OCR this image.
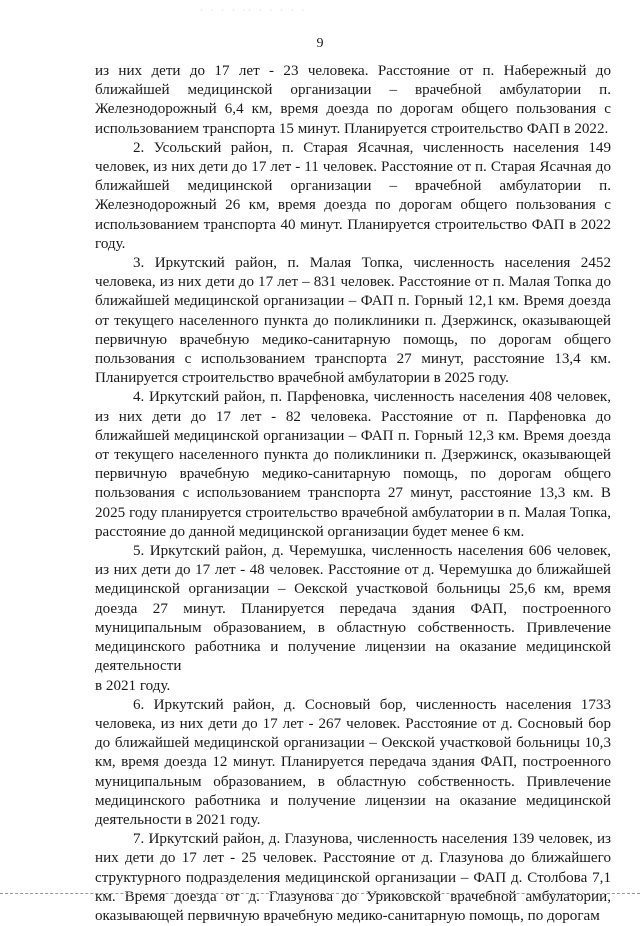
· · · · ·· · · · · ·
9

из них дети до 17 лет - 23 человека. Расстояние от п. Набережный до ближайшей медицинской организации – врачебной амбулатории п. Железнодорожный 6,4 км, время доезда по дорогам общего пользования с использованием транспорта 15 минут. Планируется строительство ФАП в 2022.

2. Усольский район, п. Старая Ясачная, численность населения 149 человек, из них дети до 17 лет - 11 человек. Расстояние от п. Старая Ясачная до ближайшей медицинской организации – врачебной амбулатории п. Железнодорожный 26 км, время доезда по дорогам общего пользования с использованием транспорта 40 минут. Планируется строительство ФАП в 2022 году.

3. Иркутский район, п. Малая Топка, численность населения 2452 человека, из них дети до 17 лет – 831 человек. Расстояние от п. Малая Топка до ближайшей медицинской организации – ФАП п. Горный 12,1 км. Время доезда от текущего населенного пункта до поликлиники п. Дзержинск, оказывающей первичную врачебную медико-санитарную помощь, по дорогам общего пользования с использованием транспорта 27 минут, расстояние 13,4 км. Планируется строительство врачебной амбулатории в 2025 году.

4. Иркутский район, п. Парфеновка, численность населения 408 человек, из них дети до 17 лет - 82 человека. Расстояние от п. Парфеновка до ближайшей медицинской организации – ФАП п. Горный 12,3 км. Время доезда от текущего населенного пункта до поликлиники п. Дзержинск, оказывающей первичную врачебную медико-санитарную помощь, по дорогам общего пользования с использованием транспорта 27 минут, расстояние 13,3 км. В 2025 году планируется строительство врачебной амбулатории в п. Малая Топка, расстояние до данной медицинской организации будет менее 6 км.

5. Иркутский район, д. Черемушка, численность населения 606 человек, из них дети до 17 лет - 48 человек. Расстояние от д. Черемушка до ближайшей медицинской организации – Оекской участковой больницы 25,6 км, время доезда 27 минут. Планируется передача здания ФАП, построенного муниципальным образованием, в областную собственность. Привлечение медицинского работника и получение лицензии на оказание медицинской деятельности

в 2021 году.

6. Иркутский район, д. Сосновый бор, численность населения 1733 человека, из них дети до 17 лет - 267 человек. Расстояние от д. Сосновый бор до ближайшей медицинской организации – Оекской участковой больницы 10,3 км, время доезда 12 минут. Планируется передача здания ФАП, построенного муниципальным образованием, в областную собственность. Привлечение медицинского работника и получение лицензии на оказание медицинской деятельности в 2021 году.

7. Иркутский район, д. Глазунова, численность населения 139 человек, из них дети до 17 лет - 25 человек. Расстояние от д. Глазунова до ближайшего структурного подразделения медицинской организации – ФАП д. Столбова 7,1 км. Время доезда от д. Глазунова до Уриковской врачебной амбулатории, оказывающей первичную врачебную медико-санитарную помощь, по дорогам
